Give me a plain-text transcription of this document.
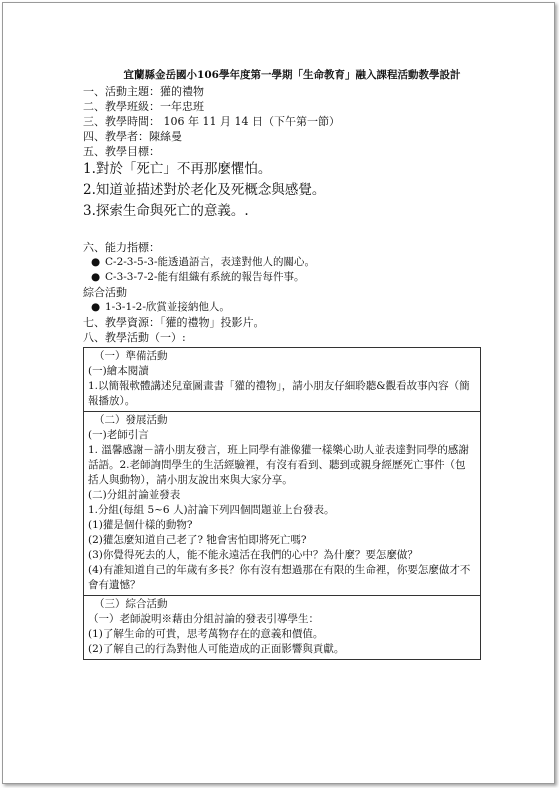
宜蘭縣金岳國小106學年度第一學期「生命教育」融入課程活動教學設計
一、活動主題：獾的禮物
二、教學班級：一年忠班
三、教學時間： 106 年 11 月 14 日（下午第一節）
四、教學者：陳絲曼
五、教學目標：
1.對於「死亡」不再那麼懼怕。
2.知道並描述對於老化及死概念與感覺。
3.探索生命與死亡的意義。.
六、能力指標：
● C-2-3-5-3-能透過語言，表達對他人的關心。
● C-3-3-7-2-能有組織有系統的報告每件事。
綜合活動
● 1-3-1-2-欣賞並接納他人。
七、教學資源：「獾的禮物」投影片。
八、教學活動（一）:
（一）準備活動
(一)繪本閱讀
1.以簡報軟體講述兒童圖畫書「獾的禮物」，請小朋友仔細聆聽&觀看故事內容（簡報播放）。
（二）發展活動
(一)老師引言
1. 溫馨感謝－請小朋友發言，班上同學有誰像獾一樣樂心助人並表達對同學的感謝話語。2.老師詢問學生的生活經驗裡，有沒有看到、聽到或親身經歷死亡事件（包括人與動物），請小朋友說出來與大家分享。
(二)分組討論並發表
1.分組(每組 5~6 人)討論下列四個問題並上台發表。
(1)獾是個什樣的動物?
(2)獾怎麼知道自己老了? 牠會害怕即將死亡嗎?
(3)你覺得死去的人，能不能永遠活在我們的心中？為什麼？要怎麼做？
(4)有誰知道自己的年歲有多長？你有沒有想過那在有限的生命裡，你要怎麼做才不會有遺憾？
（三）綜合活動
（一）老師說明※藉由分組討論的發表引導學生：
(1)了解生命的可貴，思考萬物存在的意義和價值。
(2)了解自己的行為對他人可能造成的正面影響與貢獻。
